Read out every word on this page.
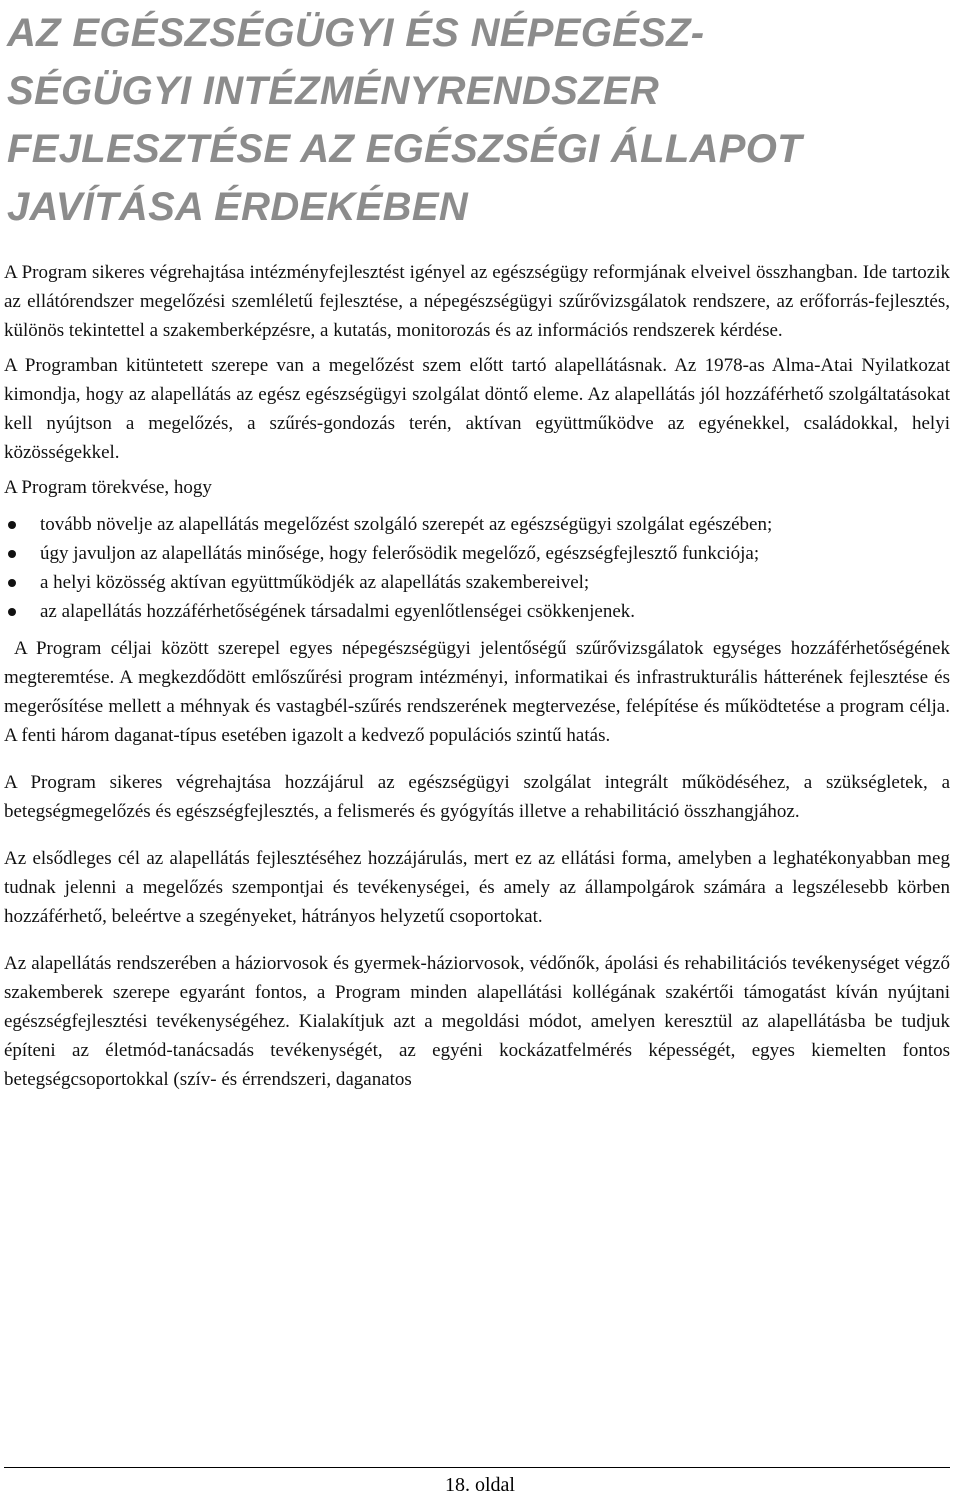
AZ EGÉSZSÉGÜGYI ÉS NÉPEGÉSZ-
SÉGÜGYI INTÉZMÉNYRENDSZER
FEJLESZTÉSE AZ EGÉSZSÉGI ÁLLAPOT
JAVÍTÁSA ÉRDEKÉBEN

A Program sikeres végrehajtása intézményfejlesztést igényel az egészségügy reformjának elveivel összhangban. Ide tartozik az ellátórendszer megelőzési szemléletű fejlesztése, a népegészségügyi szűrővizsgálatok rendszere, az erőforrás-fejlesztés, különös tekintettel a szakemberképzésre, a kutatás, monitorozás és az információs rendszerek kérdése.

A Programban kitüntetett szerepe van a megelőzést szem előtt tartó alapellátásnak. Az 1978-as Alma-Atai Nyilatkozat kimondja, hogy az alapellátás az egész egészségügyi szolgálat döntő eleme. Az alapellátás jól hozzáférhető szolgáltatásokat kell nyújtson a megelőzés, a szűrés-gondozás terén, aktívan együttműködve az egyénekkel, családokkal, helyi közösségekkel.

A Program törekvése, hogy

tovább növelje az alapellátás megelőzést szolgáló szerepét az egészségügyi szolgálat egészében;
úgy javuljon az alapellátás minősége, hogy felerősödik megelőző, egészségfejlesztő funkciója;
a helyi közösség aktívan együttműködjék az alapellátás szakembereivel;
az alapellátás hozzáférhetőségének társadalmi egyenlőtlenségei csökkenjenek.

A Program céljai között szerepel egyes népegészségügyi jelentőségű szűrővizsgálatok egységes hozzáférhetőségének megteremtése. A megkezdődött emlőszűrési program intézményi, informatikai és infrastrukturális hátterének fejlesztése és megerősítése mellett a méhnyak és vastagbél-szűrés rendszerének megtervezése, felépítése és működtetése a program célja. A fenti három daganat-típus esetében igazolt a kedvező populációs szintű hatás.

A Program sikeres végrehajtása hozzájárul az egészségügyi szolgálat integrált működéséhez, a szükségletek, a betegségmegelőzés és egészségfejlesztés, a felismerés és gyógyítás illetve a rehabilitáció összhangjához.

Az elsődleges cél az alapellátás fejlesztéséhez hozzájárulás, mert ez az ellátási forma, amelyben a leghatékonyabban meg tudnak jelenni a megelőzés szempontjai és tevékenységei, és amely az állampolgárok számára a legszélesebb körben hozzáférhető, beleértve a szegényeket, hátrányos helyzetű csoportokat.

Az alapellátás rendszerében a háziorvosok és gyermek-háziorvosok, védőnők, ápolási és rehabilitációs tevékenységet végző szakemberek szerepe egyaránt fontos, a Program minden alapellátási kollégának szakértői támogatást kíván nyújtani egészségfejlesztési tevékenységéhez. Kialakítjuk azt a megoldási módot, amelyen keresztül az alapellátásba be tudjuk építeni az életmód-tanácsadás tevékenységét, az egyéni kockázatfelmérés képességét, egyes kiemelten fontos betegségcsoportokkal (szív- és érrendszeri, daganatos

18. oldal
